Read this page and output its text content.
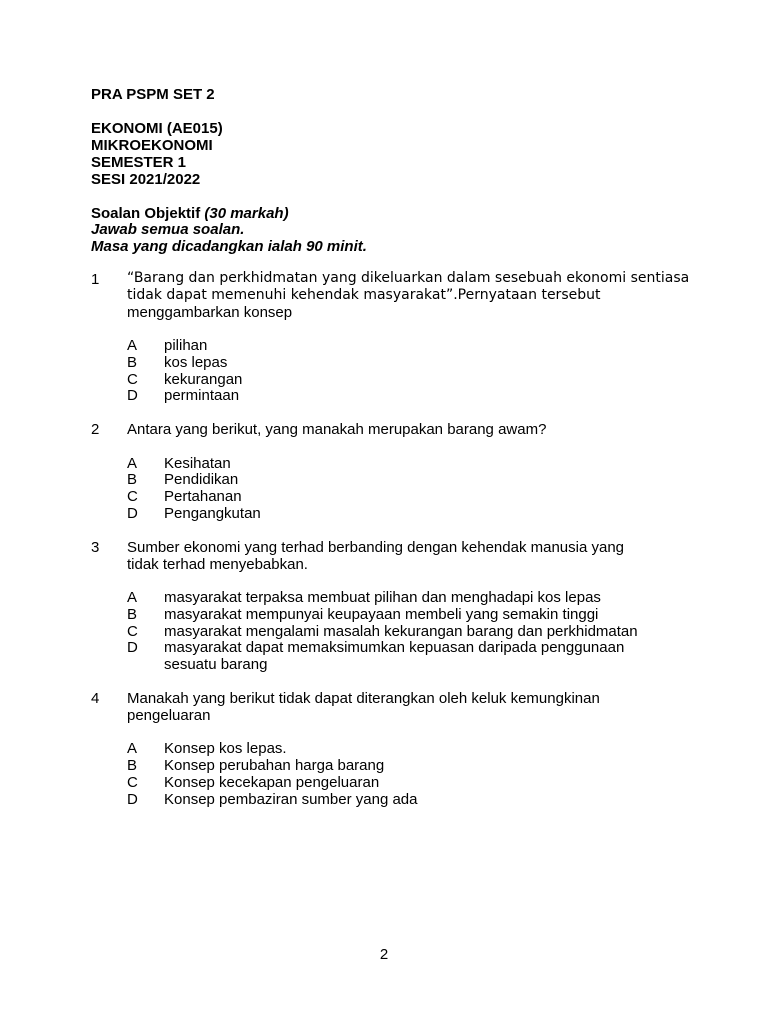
PRA PSPM SET 2
EKONOMI (AE015)
MIKROEKONOMI
SEMESTER 1
SESI 2021/2022
Soalan Objektif (30 markah)
Jawab semua soalan.
Masa yang dicadangkan ialah 90 minit.
1 “Barang dan perkhidmatan yang dikeluarkan dalam sesebuah ekonomi sentiasa
tidak dapat memenuhi kehendak masyarakat”.Pernyataan tersebut
menggambarkan konsep
A	pilihan
B	kos lepas
C	kekurangan
D	permintaan
2 Antara yang berikut, yang manakah merupakan barang awam?
A	Kesihatan
B	Pendidikan
C	Pertahanan
D	Pengangkutan
3 Sumber ekonomi yang terhad berbanding dengan kehendak manusia yang
tidak terhad menyebabkan.
A	masyarakat terpaksa membuat pilihan dan menghadapi kos lepas
B	masyarakat mempunyai keupayaan membeli yang semakin tinggi
C	masyarakat mengalami masalah kekurangan barang dan perkhidmatan
D	masyarakat dapat memaksimumkan kepuasan daripada penggunaan
sesuatu barang
4 Manakah yang berikut tidak dapat diterangkan oleh keluk kemungkinan
pengeluaran
A	Konsep kos lepas.
B	Konsep perubahan harga barang
C	Konsep kecekapan pengeluaran
D	Konsep pembaziran sumber yang ada
2
